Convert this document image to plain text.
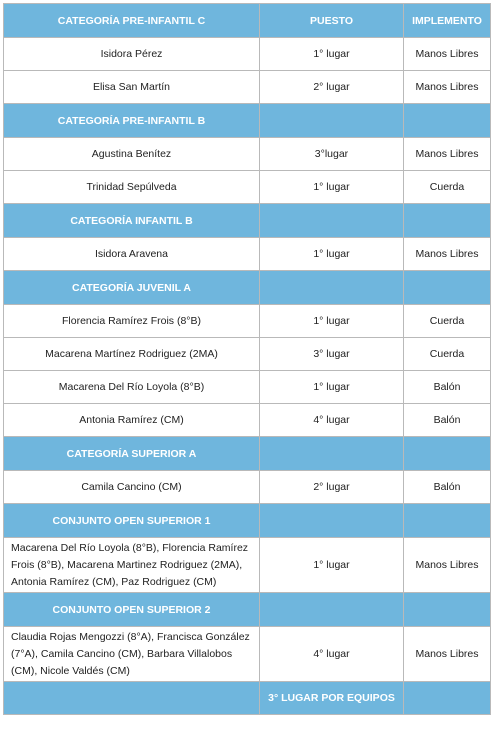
CATEGORÍA PRE-INFANTIL C	PUESTO	IMPLEMENTO
Isidora Pérez	1° lugar	Manos Libres
Elisa San Martín	2° lugar	Manos Libres
CATEGORÍA PRE-INFANTIL B		
Agustina Benítez	3°lugar	Manos Libres
Trinidad Sepúlveda	1° lugar	Cuerda
CATEGORÍA INFANTIL B		
Isidora Aravena	1° lugar	Manos Libres
CATEGORÍA JUVENIL A		
Florencia Ramírez Frois (8°B)	1° lugar	Cuerda
Macarena Martínez Rodriguez (2MA)	3° lugar	Cuerda
Macarena Del Río Loyola (8°B)	1° lugar	Balón
Antonia Ramírez (CM)	4° lugar	Balón
CATEGORÍA SUPERIOR A		
Camila Cancino (CM)	2° lugar	Balón
CONJUNTO OPEN SUPERIOR 1		
Macarena Del Río Loyola (8°B), Florencia Ramírez Frois (8°B), Macarena Martinez Rodriguez (2MA), Antonia Ramírez (CM), Paz Rodriguez (CM)	1° lugar	Manos Libres
CONJUNTO OPEN SUPERIOR 2		
Claudia Rojas Mengozzi (8°A), Francisca González (7°A), Camila Cancino (CM), Barbara Villalobos (CM), Nicole Valdés (CM)	4° lugar	Manos Libres
	3° LUGAR POR EQUIPOS	
